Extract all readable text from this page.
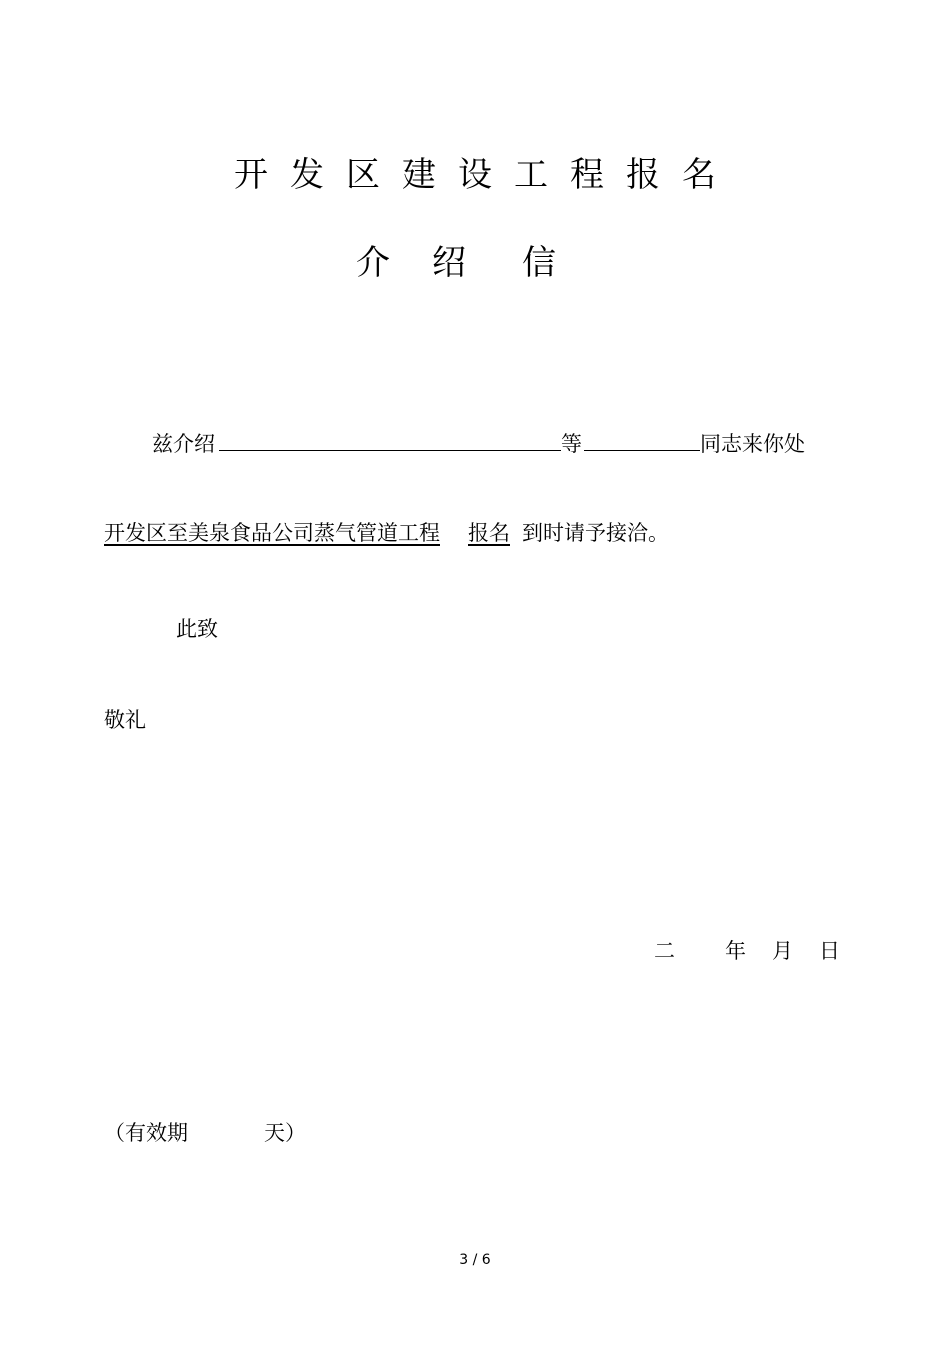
开发区建设工程报名
介 绍 信
兹介绍	等	同志来你处
开发区至美泉食品公司蒸气管道工程 报名 到时请予接洽。
此致
敬礼
二 年 月 日
（有效期	天）
3 / 6
